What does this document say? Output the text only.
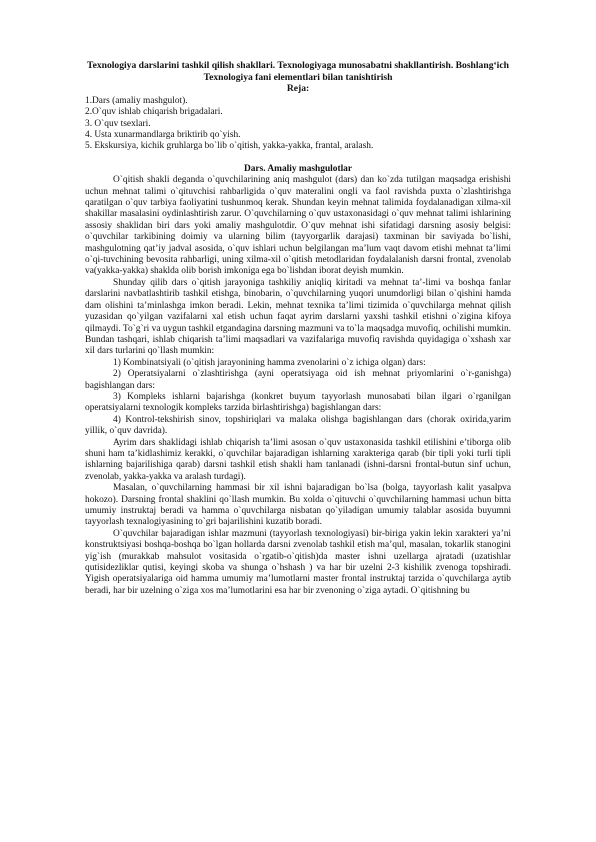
Texnologiya darslarini tashkil qilish shakllari. Texnologiyaga munosabatni shakllantirish. Boshlang‘ich Texnologiya fani elementlari bilan tanishtirish

Reja:

1.Dars (amaliy mashgulot).
2.O`quv ishlab chiqarish brigadalari.
3. O`quv tsexlari.
4. Usta xunarmandlarga briktirib qo`yish.
5. Ekskursiya, kichik gruhlarga bo`lib o`qitish, yakka-yakka, frantal, aralash.

Dars. Amaliy mashgulotlar

O`qitish shakli deganda o`quvchilarining aniq mashgulot (dars) dan ko`zda tutilgan maqsadga erishishi uchun mehnat talimi o`qituvchisi rahbarligida o`quv materalini ongli va faol ravishda puxta o`zlashtirishga qaratilgan o`quv tarbiya faoliyatini tushunmoq kerak. Shundan keyin mehnat talimida foydalanadigan xilma-xil shakillar masalasini oydinlashtirish zarur. O`quvchilarning o`quv ustaxonasidagi o`quv mehnat talimi ishlarining assosiy shaklidan biri dars yoki amaliy mashgulotdir. O`quv mehnat ishi sifatidagi darsning asosiy belgisi: o`quvchilar tarkibining doimiy va ularning bilim (tayyorgarlik darajasi) taxminan bir saviyada bo`lishi, mashgulotning qat’iy jadval asosida, o`quv ishlari uchun belgilangan ma’lum vaqt davom etishi mehnat ta’limi o`qi-tuvchining bevosita rahbarligi, uning xilma-xil o`qitish metodlaridan foydalalanish darsni frontal, zvenolab va(yakka-yakka) shaklda olib borish imkoniga ega bo`lishdan iborat deyish mumkin.

Shunday qilib dars o`qitish jarayoniga tashkiliy aniqliq kiritadi va mehnat ta’-limi va boshqa fanlar darslarini navbatlashtirib tashkil etishga, binobarin, o`quvchilarning yuqori unumdorligi bilan o`qishini hamda dam olishini ta’minlashga imkon beradi. Lekin, mehnat texnika ta’limi tizimida o`quvchilarga mehnat qilish yuzasidan qo`yilgan vazifalarni xal etish uchun faqat ayrim darslarni yaxshi tashkil etishni o`zigina kifoya qilmaydi. To`g`ri va uygun tashkil etgandagina darsning mazmuni va to`la maqsadga muvofiq, ochilishi mumkin. Bundan tashqari, ishlab chiqarish ta’limi maqsadlari va vazifalariga muvofiq ravishda quyidagiga o`xshash xar xil dars turlarini qo`llash mumkin:

1) Kombinatsiyali (o`qitish jarayonining hamma zvenolarini o`z ichiga olgan) dars:

2) Operatsiyalarni o`zlashtirishga (ayni operatsiyaga oid ish mehnat priyomlarini o`r-ganishga) bagishlangan dars:

3) Kompleks ishlarni bajarishga (konkret buyum tayyorlash munosabati bilan ilgari o`rganilgan operatsiyalarni texnologik kompleks tarzida birlashtirishga) bagishlangan dars:

4) Kontrol-tekshirish sinov, topshiriqlari va malaka olishga bagishlangan dars (chorak oxirida,yarim yillik, o`quv davrida).

Ayrim dars shaklidagi ishlab chiqarish ta’limi asosan o`quv ustaxonasida tashkil etilishini e’tiborga olib shuni ham ta’kidlashimiz kerakki, o`quvchilar bajaradigan ishlarning xarakteriga qarab (bir tipli yoki turli tipli ishlarning bajarilishiga qarab) darsni tashkil etish shakli ham tanlanadi (ishni-darsni frontal-butun sinf uchun, zvenolab, yakka-yakka va aralash turdagi).

Masalan, o`quvchilarning hammasi bir xil ishni bajaradigan bo`lsa (bolga, tayyorlash kalit yasalpva hokozo). Darsning frontal shaklini qo`llash mumkin. Bu xolda o`qituvchi o`quvchilarning hammasi uchun bitta umumiy instruktaj beradi va hamma o`quvchilarga nisbatan qo`yiladigan umumiy talablar asosida buyumni tayyorlash texnalogiyasining to`gri bajarilishini kuzatib boradi.

O`quvchilar bajaradigan ishlar mazmuni (tayyorlash texnologiyasi) bir-biriga yakin lekin xarakteri ya’ni konstruktsiyasi boshqa-boshqa bo`lgan hollarda darsni zvenolab tashkil etish ma’qul, masalan, tokarlik stanogini yig`ish (murakkab mahsulot vositasida o`rgatib-o`qitish)da master ishni uzellarga ajratadi (uzatishlar qutisidezliklar qutisi, keyingi skoba va shunga o`hshash ) va har bir uzelni 2-3 kishilik zvenoga topshiradi. Yigish operatsiyalariga oid hamma umumiy ma’lumotlarni master frontal instruktaj tarzida o`quvchilarga aytib beradi, har bir uzelning o`ziga xos ma’lumotlarini esa har bir zvenoning o`ziga aytadi. O`qitishning bu
